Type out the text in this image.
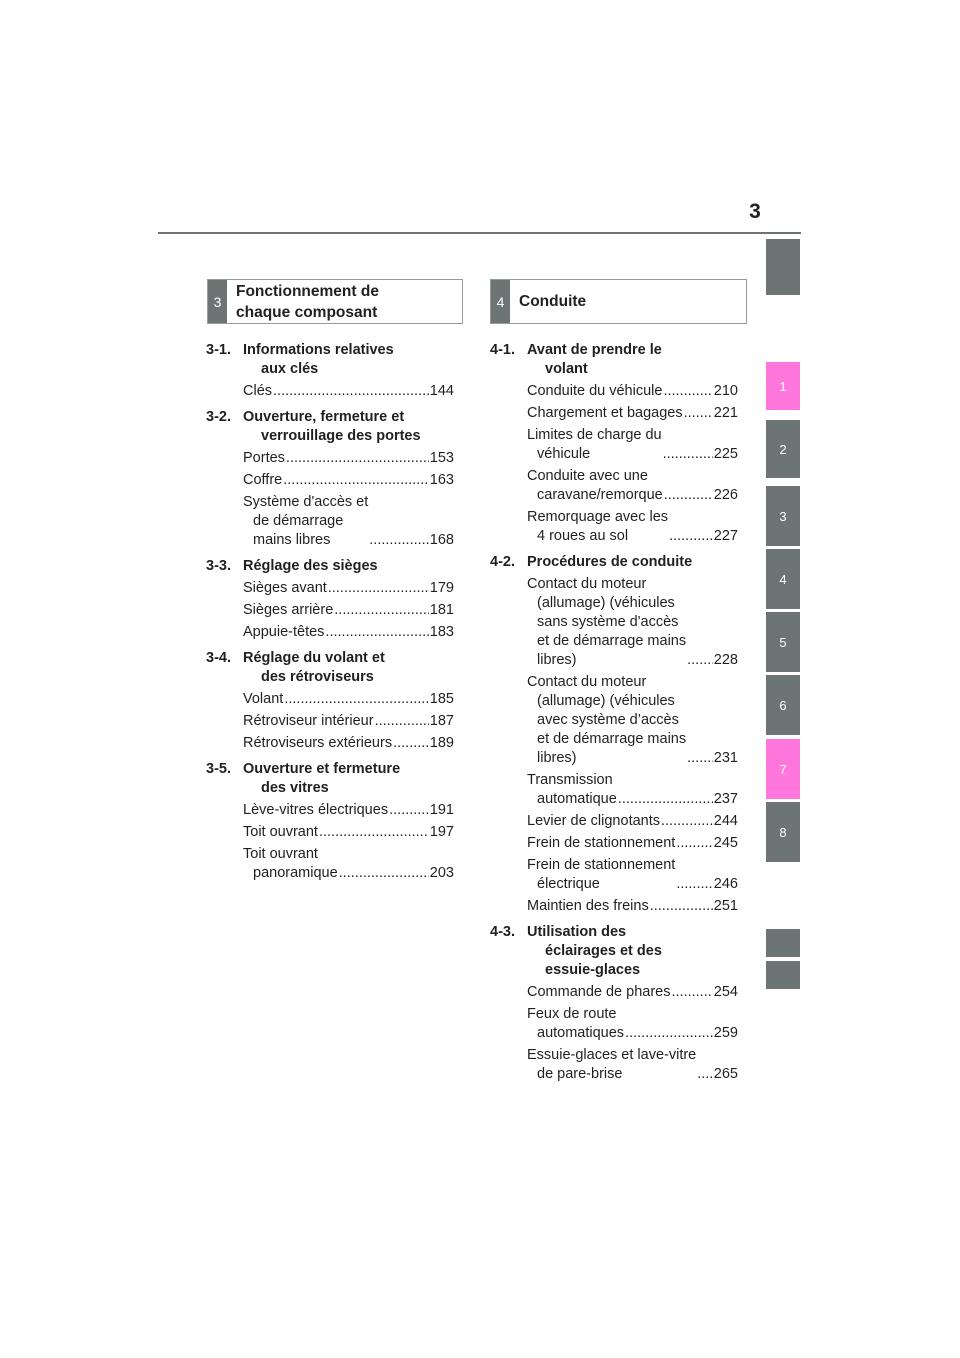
3
1
2
3
4
5
6
7
8
3
Fonctionnement de
chaque composant
4 Conduite
3-1. Informations relatives
aux clés
Clés .....	144
3-2. Ouverture, fermeture et
verrouillage des portes
Portes .....	153
Coffre .....	163
Système d'accès et
de démarrage
mains libres .....	168
3-3. Réglage des sièges
Sièges avant .....	179
Sièges arrière .....	181
Appuie-têtes .....	183
3-4. Réglage du volant et
des rétroviseurs
Volant .....	185
Rétroviseur intérieur .....	187
Rétroviseurs extérieurs .....	189
3-5. Ouverture et fermeture
des vitres
Lève-vitres électriques .....	191
Toit ouvrant .....	197
Toit ouvrant
panoramique .....	203
4-1. Avant de prendre le
volant
Conduite du véhicule .....	210
Chargement et bagages ..... 221
Limites de charge du
véhicule .....	225
Conduite avec une
caravane/remorque .....	226
Remorquage avec les
4 roues au sol .....	227
4-2. Procédures de conduite
Contact du moteur
(allumage) (véhicules
sans système d'accès
et de démarrage mains
libres) .....	228
Contact du moteur
(allumage) (véhicules
avec système d’accès
et de démarrage mains
libres) .....	231
Transmission
automatique .....	237
Levier de clignotants .....	244
Frein de stationnement .....	245
Frein de stationnement
électrique .....	246
Maintien des freins .....	251
4-3. Utilisation des
éclairages et des
essuie-glaces
Commande de phares .....	254
Feux de route
automatiques .....	259
Essuie-glaces et lave-vitre
de pare-brise .....	265
